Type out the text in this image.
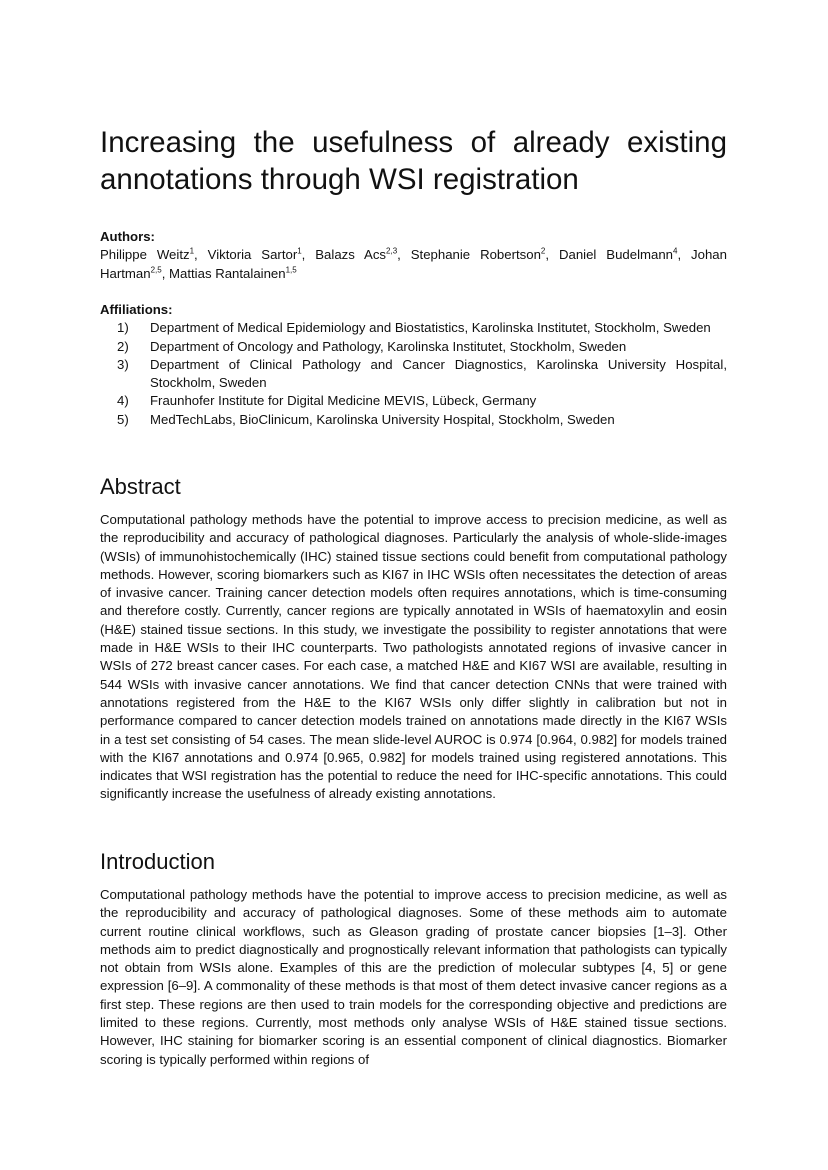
Increasing the usefulness of already existing
annotations through WSI registration

Authors:

Philippe Weitz$^1$, Viktoria Sartor$^1$, Balazs Acs$^{2,3}$, Stephanie Robertson$^2$, Daniel Budelmann$^4$, Johan Hartman$^{2,5}$, Mattias Rantalainen$^{1,5}$

Affiliations:

1) Department of Medical Epidemiology and Biostatistics, Karolinska Institutet, Stockholm, Sweden
2) Department of Oncology and Pathology, Karolinska Institutet, Stockholm, Sweden
3) Department of Clinical Pathology and Cancer Diagnostics, Karolinska University Hospital, Stockholm, Sweden
4) Fraunhofer Institute for Digital Medicine MEVIS, Lübeck, Germany
5) MedTechLabs, BioClinicum, Karolinska University Hospital, Stockholm, Sweden
Abstract

Computational pathology methods have the potential to improve access to precision medicine, as well as the reproducibility and accuracy of pathological diagnoses. Particularly the analysis of whole-slide-images (WSIs) of immunohistochemically (IHC) stained tissue sections could benefit from computational pathology methods. However, scoring biomarkers such as KI67 in IHC WSIs often necessitates the detection of areas of invasive cancer. Training cancer detection models often requires annotations, which is time-consuming and therefore costly. Currently, cancer regions are typically annotated in WSIs of haematoxylin and eosin (H&E) stained tissue sections. In this study, we investigate the possibility to register annotations that were made in H&E WSIs to their IHC counterparts. Two pathologists annotated regions of invasive cancer in WSIs of 272 breast cancer cases. For each case, a matched H&E and KI67 WSI are available, resulting in 544 WSIs with invasive cancer annotations. We find that cancer detection CNNs that were trained with annotations registered from the H&E to the KI67 WSIs only differ slightly in calibration but not in performance compared to cancer detection models trained on annotations made directly in the KI67 WSIs in a test set consisting of 54 cases. The mean slide-level AUROC is 0.974 [0.964, 0.982] for models trained with the KI67 annotations and 0.974 [0.965, 0.982] for models trained using registered annotations. This indicates that WSI registration has the potential to reduce the need for IHC-specific annotations. This could significantly increase the usefulness of already existing annotations.

Introduction

Computational pathology methods have the potential to improve access to precision medicine, as well as the reproducibility and accuracy of pathological diagnoses. Some of these methods aim to automate current routine clinical workflows, such as Gleason grading of prostate cancer biopsies [1–3]. Other methods aim to predict diagnostically and prognostically relevant information that pathologists can typically not obtain from WSIs alone. Examples of this are the prediction of molecular subtypes [4, 5] or gene expression [6–9]. A commonality of these methods is that most of them detect invasive cancer regions as a first step. These regions are then used to train models for the corresponding objective and predictions are limited to these regions. Currently, most methods only analyse WSIs of H&E stained tissue sections. However, IHC staining for biomarker scoring is an essential component of clinical diagnostics. Biomarker scoring is typically performed within regions of
